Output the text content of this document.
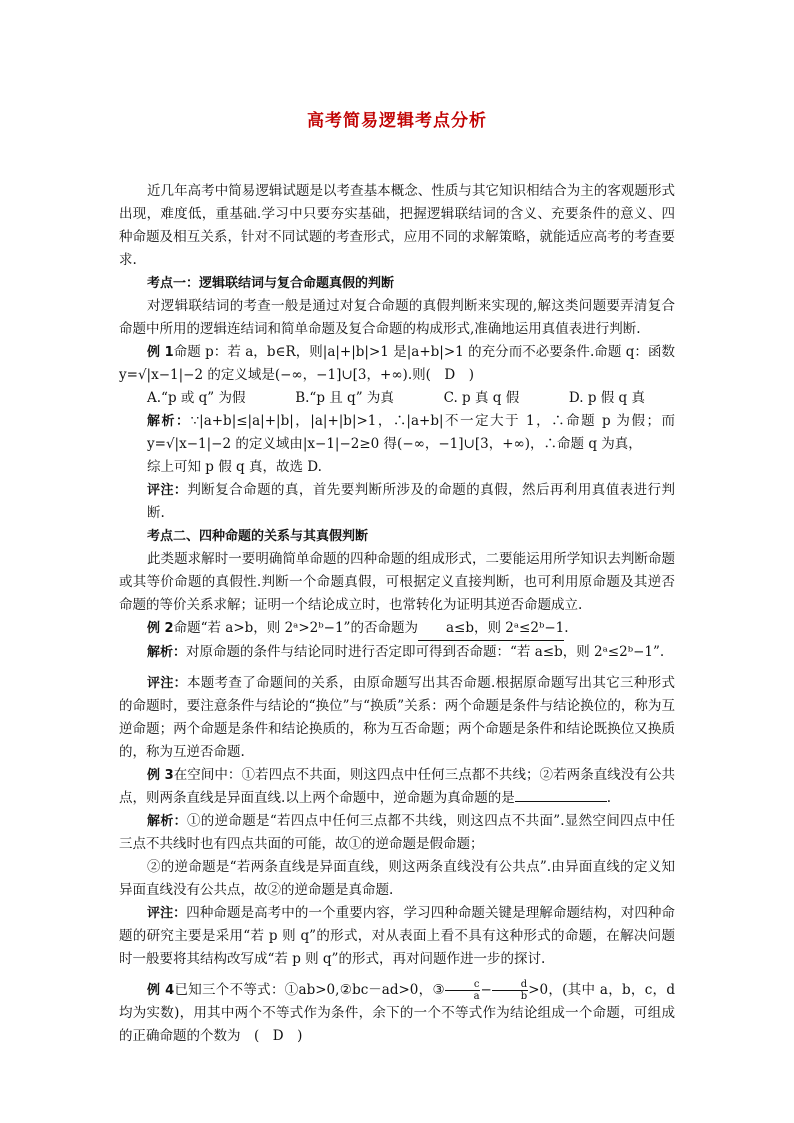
高考简易逻辑考点分析

近几年高考中简易逻辑试题是以考查基本概念、性质与其它知识相结合为主的客观题形式出现，难度低，重基础.学习中只要夯实基础，把握逻辑联结词的含义、充要条件的意义、四种命题及相互关系，针对不同试题的考查形式，应用不同的求解策略，就能适应高考的考查要求.

考点一：逻辑联结词与复合命题真假的判断

对逻辑联结词的考查一般是通过对复合命题的真假判断来实现的,解这类问题要弄清复合命题中所用的逻辑连结词和简单命题及复合命题的构成形式,准确地运用真值表进行判断.

例 1命题 p：若 a，b∈R，则|a|+|b|>1 是|a+b|>1 的充分而不必要条件.命题 q：函数 y=√|x−1|−2 的定义域是(−∞，−1]∪[3，+∞).则(　D　)

A.“p 或 q” 为假	B.“p 且 q” 为真	C. p 真 q 假	D. p 假 q 真

解析：∵|a+b|≤|a|+|b|，|a|+|b|>1，∴|a+b|不一定大于 1，∴命题 p 为假；而 y=√|x−1|−2 的定义域由|x−1|−2≥0 得(−∞，−1]∪[3，+∞)，∴命题 q 为真，

综上可知 p 假 q 真，故选 D.

评注：判断复合命题的真，首先要判断所涉及的命题的真假，然后再利用真值表进行判断.

考点二、四种命题的关系与其真假判断

此类题求解时一要明确简单命题的四种命题的组成形式，二要能运用所学知识去判断命题或其等价命题的真假性.判断一个命题真假，可根据定义直接判断，也可利用原命题及其逆否命题的等价关系求解；证明一个结论成立时，也常转化为证明其逆否命题成立.

例 2命题“若 a>b，则 2ᵃ>2ᵇ−1”的否命题为 a≤b，则 2ᵃ≤2ᵇ−1.

解析：对原命题的条件与结论同时进行否定即可得到否命题：“若 a≤b，则 2ᵃ≤2ᵇ−1”.

评注：本题考查了命题间的关系，由原命题写出其否命题.根据原命题写出其它三种形式的命题时，要注意条件与结论的“换位”与“换质”关系：两个命题是条件与结论换位的，称为互逆命题；两个命题是条件和结论换质的，称为互否命题；两个命题是条件和结论既换位又换质的，称为互逆否命题.

例 3在空间中：①若四点不共面，则这四点中任何三点都不共线；②若两条直线没有公共点，则两条直线是异面直线.以上两个命题中，逆命题为真命题的是	.

解析：①的逆命题是“若四点中任何三点都不共线，则这四点不共面”.显然空间四点中任三点不共线时也有四点共面的可能，故①的逆命题是假命题；

②的逆命题是“若两条直线是异面直线，则这两条直线没有公共点”.由异面直线的定义知异面直线没有公共点，故②的逆命题是真命题.

评注：四种命题是高考中的一个重要内容，学习四种命题关键是理解命题结构，对四种命题的研究主要是采用“若 p 则 q”的形式，对从表面上看不具有这种形式的命题，在解决问题时一般要将其结构改写成“若 p 则 q”的形式，再对问题作进一步的探讨.

例 4已知三个不等式：①ab>0,②bc－ad>0，③ $\frac{c}{a} - \frac{d}{b} >0$，(其中 a，b，c，d均为实数)，用其中两个不等式作为条件，余下的一个不等式作为结论组成一个命题，可组成的正确命题的个数为　(　D　)
